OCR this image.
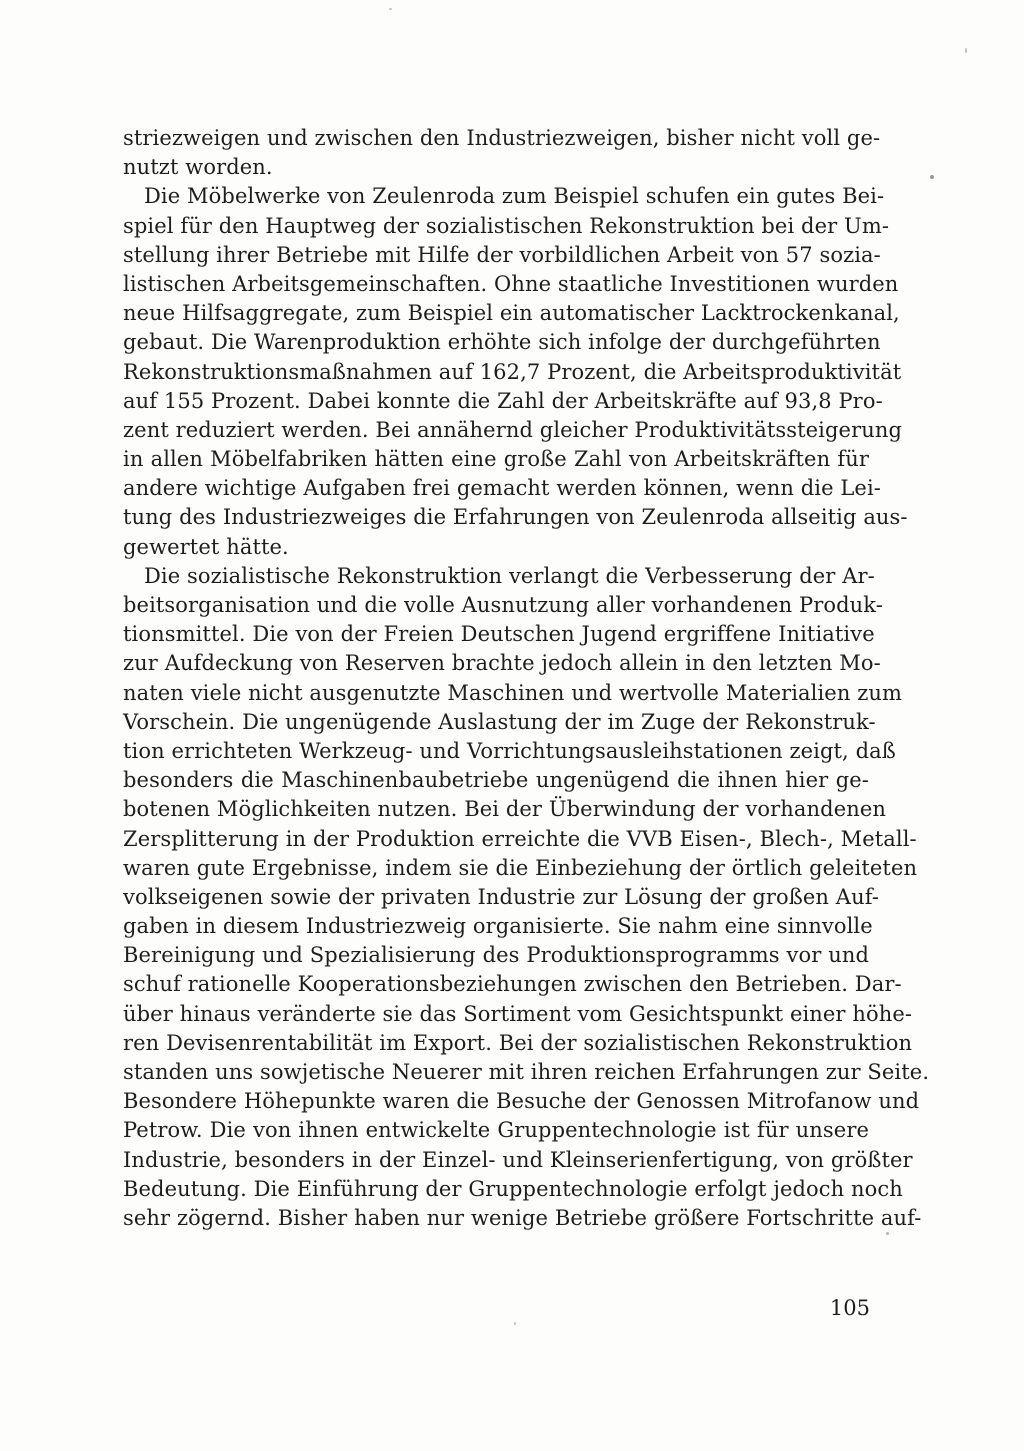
striezweigen und zwischen den Industriezweigen, bisher nicht voll ge-
nutzt worden.
Die Möbelwerke von Zeulenroda zum Beispiel schufen ein gutes Bei-
spiel für den Hauptweg der sozialistischen Rekonstruktion bei der Um-
stellung ihrer Betriebe mit Hilfe der vorbildlichen Arbeit von 57 sozia-
listischen Arbeitsgemeinschaften. Ohne staatliche Investitionen wurden
neue Hilfsaggregate, zum Beispiel ein automatischer Lacktrockenkanal,
gebaut. Die Warenproduktion erhöhte sich infolge der durchgeführten
Rekonstruktionsmaßnahmen auf 162,7 Prozent, die Arbeitsproduktivität
auf 155 Prozent. Dabei konnte die Zahl der Arbeitskräfte auf 93,8 Pro-
zent reduziert werden. Bei annähernd gleicher Produktivitätssteigerung
in allen Möbelfabriken hätten eine große Zahl von Arbeitskräften für
andere wichtige Aufgaben frei gemacht werden können, wenn die Lei-
tung des Industriezweiges die Erfahrungen von Zeulenroda allseitig aus-
gewertet hätte.
Die sozialistische Rekonstruktion verlangt die Verbesserung der Ar-
beitsorganisation und die volle Ausnutzung aller vorhandenen Produk-
tionsmittel. Die von der Freien Deutschen Jugend ergriffene Initiative
zur Aufdeckung von Reserven brachte jedoch allein in den letzten Mo-
naten viele nicht ausgenutzte Maschinen und wertvolle Materialien zum
Vorschein. Die ungenügende Auslastung der im Zuge der Rekonstruk-
tion errichteten Werkzeug- und Vorrichtungsausleihstationen zeigt, daß
besonders die Maschinenbaubetriebe ungenügend die ihnen hier ge-
botenen Möglichkeiten nutzen. Bei der Überwindung der vorhandenen
Zersplitterung in der Produktion erreichte die VVB Eisen-, Blech-, Metall-
waren gute Ergebnisse, indem sie die Einbeziehung der örtlich geleiteten
volkseigenen sowie der privaten Industrie zur Lösung der großen Auf-
gaben in diesem Industriezweig organisierte. Sie nahm eine sinnvolle
Bereinigung und Spezialisierung des Produktionsprogramms vor und
schuf rationelle Kooperationsbeziehungen zwischen den Betrieben. Dar-
über hinaus veränderte sie das Sortiment vom Gesichtspunkt einer höhe-
ren Devisenrentabilität im Export. Bei der sozialistischen Rekonstruktion
standen uns sowjetische Neuerer mit ihren reichen Erfahrungen zur Seite.
Besondere Höhepunkte waren die Besuche der Genossen Mitrofanow und
Petrow. Die von ihnen entwickelte Gruppentechnologie ist für unsere
Industrie, besonders in der Einzel- und Kleinserienfertigung, von größter
Bedeutung. Die Einführung der Gruppentechnologie erfolgt jedoch noch
sehr zögernd. Bisher haben nur wenige Betriebe größere Fortschritte auf-
105
